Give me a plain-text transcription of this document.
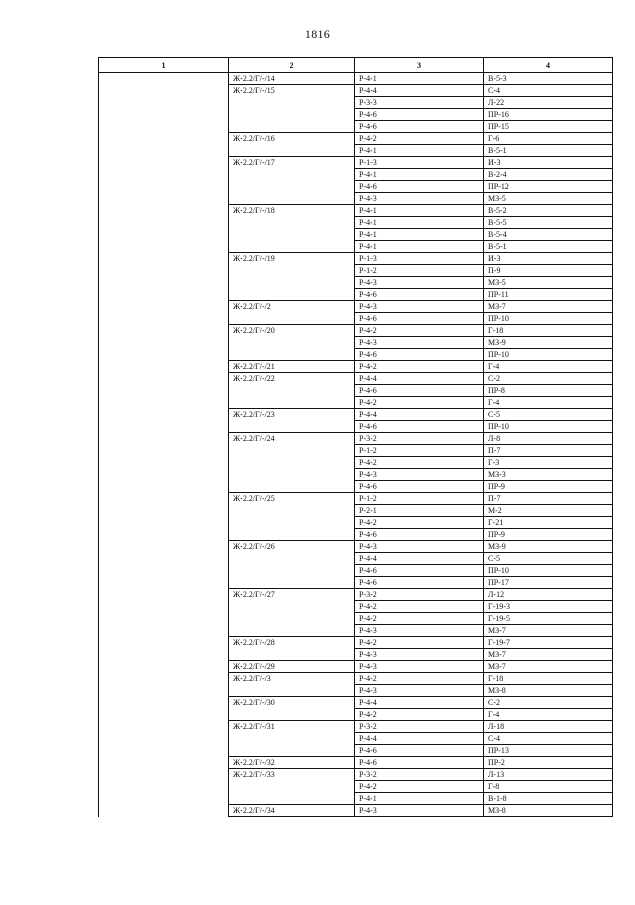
1816
1	2	3	4
	Ж-2.2/Г/-/14	Р-4-1	В-5-3
	Ж-2.2/Г/-/15	Р-4-4	С-4
		Р-3-3	Л-22
		Р-4-6	ПР-16
		Р-4-6	ПР-15
	Ж-2.2/Г/-/16	Р-4-2	Г-6
		Р-4-1	В-5-1
	Ж-2.2/Г/-/17	Р-1-3	И-3
		Р-4-1	В-2-4
		Р-4-6	ПР-12
		Р-4-3	МЗ-5
	Ж-2.2/Г/-/18	Р-4-1	В-5-2
		Р-4-1	В-5-5
		Р-4-1	В-5-4
		Р-4-1	В-5-1
	Ж-2.2/Г/-/19	Р-1-3	И-3
		Р-1-2	П-9
		Р-4-3	МЗ-5
		Р-4-6	ПР-11
	Ж-2.2/Г/-/2	Р-4-3	МЗ-7
		Р-4-6	ПР-10
	Ж-2.2/Г/-/20	Р-4-2	Г-18
		Р-4-3	МЗ-9
		Р-4-6	ПР-10
	Ж-2.2/Г/-/21	Р-4-2	Г-4
	Ж-2.2/Г/-/22	Р-4-4	С-2
		Р-4-6	ПР-8
		Р-4-2	Г-4
	Ж-2.2/Г/-/23	Р-4-4	С-5
		Р-4-6	ПР-10
	Ж-2.2/Г/-/24	Р-3-2	Л-8
		Р-1-2	П-7
		Р-4-2	Г-3
		Р-4-3	МЗ-3
		Р-4-6	ПР-9
	Ж-2.2/Г/-/25	Р-1-2	П-7
		Р-2-1	М-2
		Р-4-2	Г-21
		Р-4-6	ПР-9
	Ж-2.2/Г/-/26	Р-4-3	МЗ-9
		Р-4-4	С-5
		Р-4-6	ПР-10
		Р-4-6	ПР-17
	Ж-2.2/Г/-/27	Р-3-2	Л-12
		Р-4-2	Г-19-3
		Р-4-2	Г-19-5
		Р-4-3	МЗ-7
	Ж-2.2/Г/-/28	Р-4-2	Г-19-7
		Р-4-3	МЗ-7
	Ж-2.2/Г/-/29	Р-4-3	МЗ-7
	Ж-2.2/Г/-/3	Р-4-2	Г-18
		Р-4-3	МЗ-8
	Ж-2.2/Г/-/30	Р-4-4	С-2
		Р-4-2	Г-4
	Ж-2.2/Г/-/31	Р-3-2	Л-18
		Р-4-4	С-4
		Р-4-6	ПР-13
	Ж-2.2/Г/-/32	Р-4-6	ПР-2
	Ж-2.2/Г/-/33	Р-3-2	Л-13
		Р-4-2	Г-8
		Р-4-1	В-1-8
	Ж-2.2/Г/-/34	Р-4-3	МЗ-8
